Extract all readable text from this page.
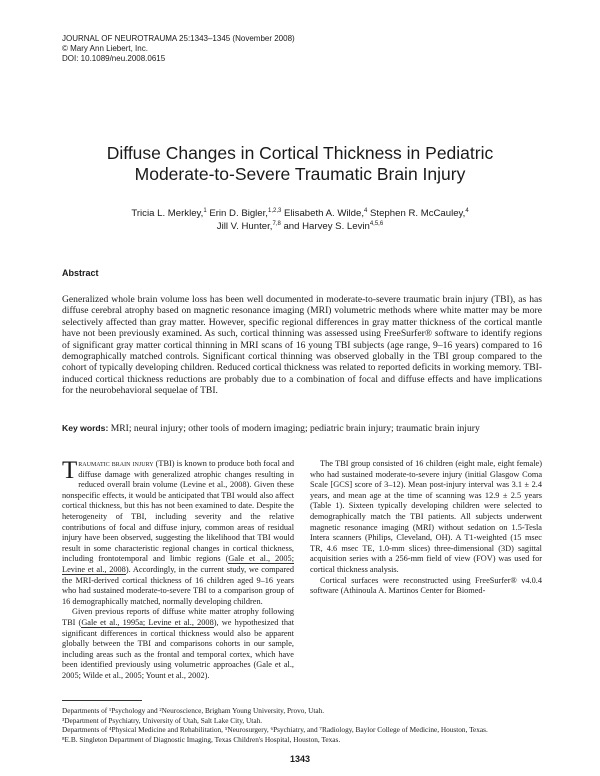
JOURNAL OF NEUROTRAUMA 25:1343–1345 (November 2008)
© Mary Ann Liebert, Inc.
DOI: 10.1089/neu.2008.0615
Diffuse Changes in Cortical Thickness in Pediatric
Moderate-to-Severe Traumatic Brain Injury
Tricia L. Merkley,$^1$ Erin D. Bigler,$^{1,2,3}$ Elisabeth A. Wilde,$^4$ Stephen R. McCauley,$^4$
Jill V. Hunter,$^{7,8}$ and Harvey S. Levin$^{4,5,6}$
Abstract

Generalized whole brain volume loss has been well documented in moderate-to-severe traumatic brain injury (TBI), as has diffuse cerebral atrophy based on magnetic resonance imaging (MRI) volumetric methods where white matter may be more selectively affected than gray matter. However, specific regional differences in gray matter thickness of the cortical mantle have not been previously examined. As such, cortical thinning was assessed using FreeSurfer® software to identify regions of significant gray matter cortical thinning in MRI scans of 16 young TBI subjects (age range, 9–16 years) compared to 16 demographically matched controls. Significant cortical thinning was observed globally in the TBI group compared to the cohort of typically developing children. Reduced cortical thickness was related to reported deficits in working memory. TBI-induced cortical thickness reductions are probably due to a combination of focal and diffuse effects and have implications for the neurobehavioral sequelae of TBI.

Key words: MRI; neural injury; other tools of modern imaging; pediatric brain injury; traumatic brain injury

Traumatic brain injury (TBI) is known to produce both focal and diffuse damage with generalized atrophic changes resulting in reduced overall brain volume (Levine et al., 2008). Given these nonspecific effects, it would be anticipated that TBI would also affect cortical thickness, but this has not been examined to date. Despite the heterogeneity of TBI, including severity and the relative contributions of focal and diffuse injury, common areas of residual injury have been observed, suggesting the likelihood that TBI would result in some characteristic regional changes in cortical thickness, including frontotemporal and limbic regions (Gale et al., 2005; Levine et al., 2008). Accordingly, in the current study, we compared the MRI-derived cortical thickness of 16 children aged 9–16 years who had sustained moderate-to-severe TBI to a comparison group of 16 demographically matched, normally developing children.

Given previous reports of diffuse white matter atrophy following TBI (Gale et al., 1995a; Levine et al., 2008), we hypothesized that significant differences in cortical thickness would also be apparent globally between the TBI and comparisons cohorts in our sample, including areas such as the frontal and temporal cortex, which have been identified previously using volumetric approaches (Gale et al., 2005; Wilde et al., 2005; Yount et al., 2002).

The TBI group consisted of 16 children (eight male, eight female) who had sustained moderate-to-severe injury (initial Glasgow Coma Scale [GCS] score of 3–12). Mean post-injury interval was 3.1 ± 2.4 years, and mean age at the time of scanning was 12.9 ± 2.5 years (Table 1). Sixteen typically developing children were selected to demographically match the TBI patients. All subjects underwent magnetic resonance imaging (MRI) without sedation on 1.5-Tesla Intera scanners (Philips, Cleveland, OH). A T1-weighted (15 msec TR, 4.6 msec TE, 1.0-mm slices) three-dimensional (3D) sagittal acquisition series with a 256-mm field of view (FOV) was used for cortical thickness analysis.

Cortical surfaces were reconstructed using FreeSurfer® v4.0.4 software (Athinoula A. Martinos Center for Biomed-

Departments of ¹Psychology and ²Neuroscience, Brigham Young University, Provo, Utah.
³Department of Psychiatry, University of Utah, Salt Lake City, Utah.
Departments of ⁴Physical Medicine and Rehabilitation, ⁵Neurosurgery, ⁶Psychiatry, and ⁷Radiology, Baylor College of Medicine, Houston, Texas.
⁸E.B. Singleton Department of Diagnostic Imaging, Texas Children's Hospital, Houston, Texas.
1343
